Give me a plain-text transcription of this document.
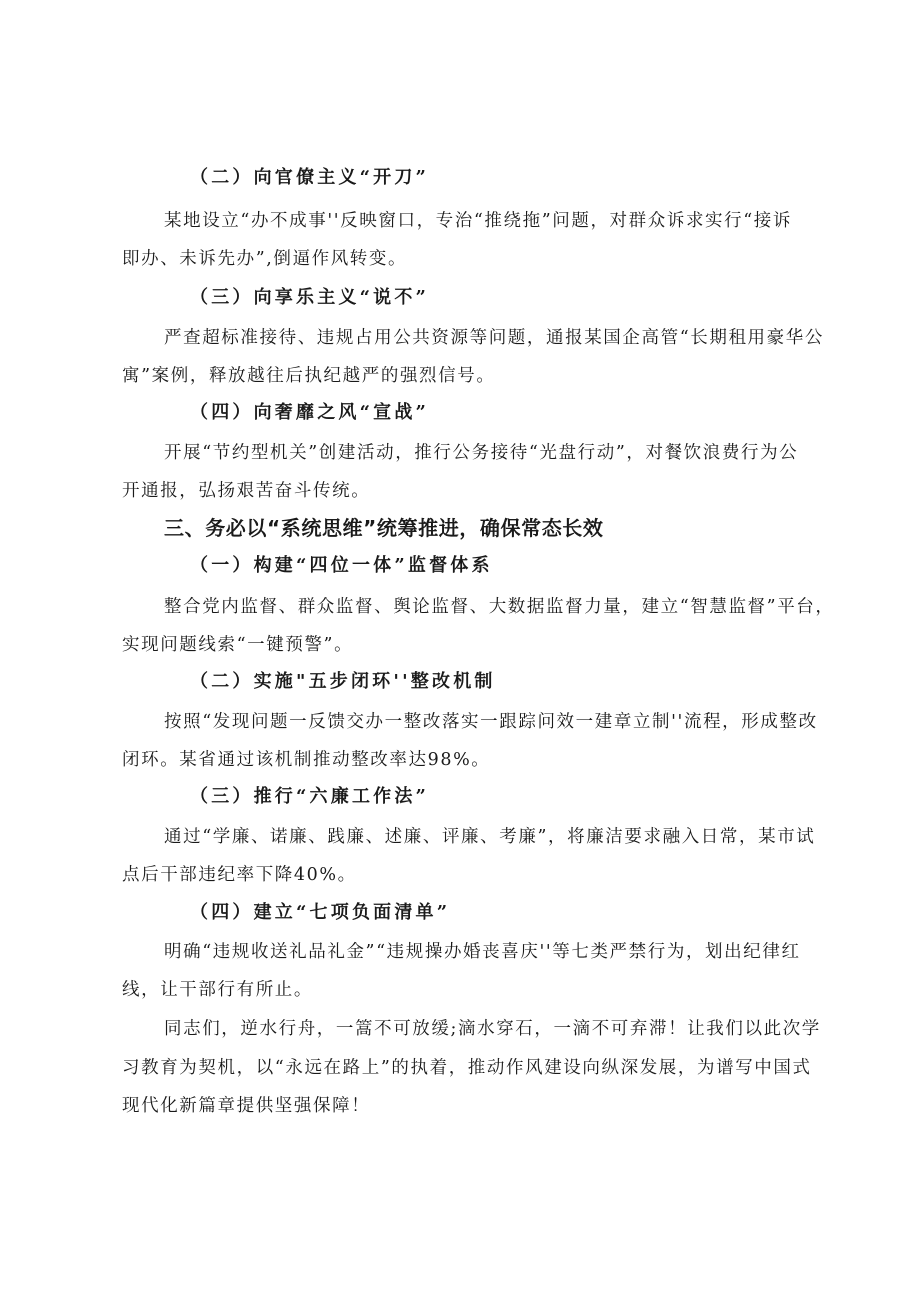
（二）向官僚主义“开刀”
某地设立“办不成事''反映窗口，专治“推绕拖”问题，对群众诉求实行“接诉
即办、未诉先办”,倒逼作风转变。
（三）向享乐主义“说不”
严查超标准接待、违规占用公共资源等问题，通报某国企高管“长期租用豪华公
寓”案例，释放越往后执纪越严的强烈信号。
（四）向奢靡之风“宣战”
开展“节约型机关”创建活动，推行公务接待“光盘行动”，对餐饮浪费行为公
开通报，弘扬艰苦奋斗传统。
三、务必以“系统思维”统筹推进，确保常态长效
（一）构建“四位一体”监督体系
整合党内监督、群众监督、舆论监督、大数据监督力量，建立“智慧监督”平台，
实现问题线索“一键预警”。
（二）实施"五步闭环''整改机制
按照“发现问题一反馈交办一整改落实一跟踪问效一建章立制''流程，形成整改
闭环。某省通过该机制推动整改率达98%。
（三）推行“六廉工作法”
通过“学廉、诺廉、践廉、述廉、评廉、考廉”，将廉洁要求融入日常，某市试
点后干部违纪率下降40%。
（四）建立“七项负面清单”
明确“违规收送礼品礼金”“违规操办婚丧喜庆''等七类严禁行为，划出纪律红
线，让干部行有所止。
同志们，逆水行舟，一篙不可放缓;滴水穿石，一滴不可弃滞！让我们以此次学
习教育为契机，以“永远在路上”的执着，推动作风建设向纵深发展，为谱写中国式
现代化新篇章提供坚强保障！
